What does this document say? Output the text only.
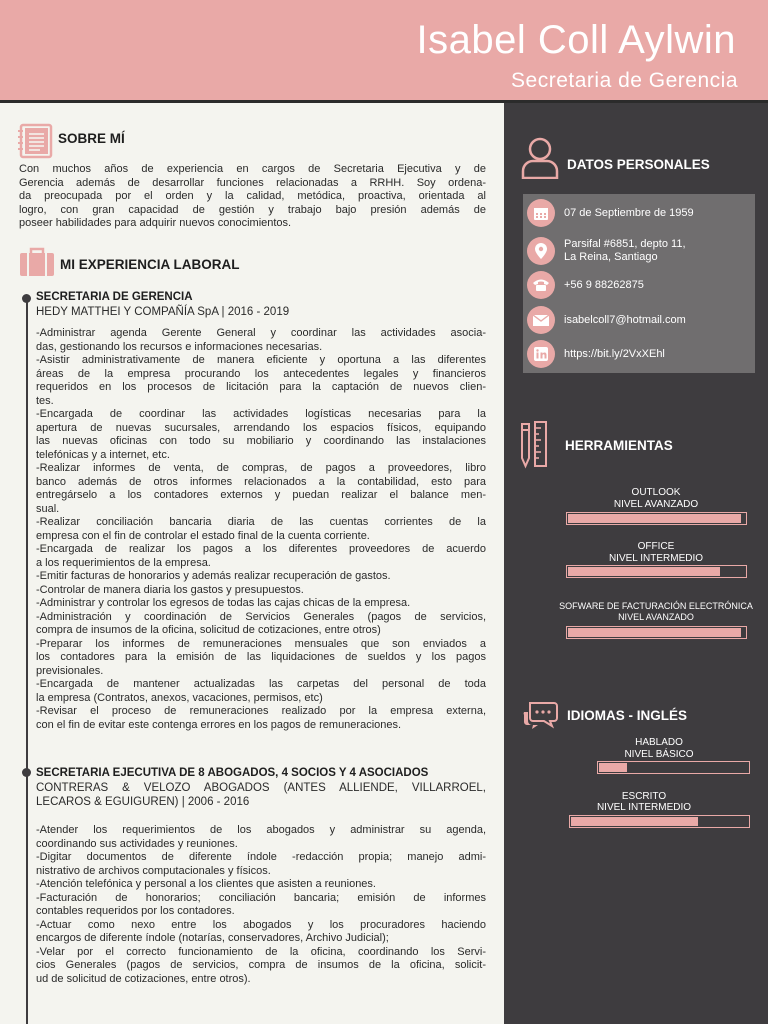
Isabel Coll Aylwin
Secretaria de Gerencia
SOBRE MÍ
Con muchos años de experiencia en cargos de Secretaria Ejecutiva y de
Gerencia además de desarrollar funciones relacionadas a RRHH. Soy ordena-
da preocupada por el orden y la calidad, metódica, proactiva, orientada al
logro, con gran capacidad de gestión y trabajo bajo presión además de
poseer habilidades para adquirir nuevos conocimientos.
MI EXPERIENCIA LABORAL
SECRETARIA DE GERENCIA
HEDY MATTHEI Y COMPAÑÍA SpA | 2016 - 2019
-Administrar agenda Gerente General y coordinar las actividades asocia-
das, gestionando los recursos e informaciones necesarias.
-Asistir administrativamente de manera eficiente y oportuna a las diferentes
áreas de la empresa procurando los antecedentes legales y financieros
requeridos en los procesos de licitación para la captación de nuevos clien-
tes.
-Encargada de coordinar las actividades logísticas necesarias para la
apertura de nuevas sucursales, arrendando los espacios físicos, equipando
las nuevas oficinas con todo su mobiliario y coordinando las instalaciones
telefónicas y a internet, etc.
-Realizar informes de venta, de compras, de pagos a proveedores, libro
banco además de otros informes relacionados a la contabilidad, esto para
entregárselo a los contadores externos y puedan realizar el balance men-
sual.
-Realizar conciliación bancaria diaria de las cuentas corrientes de la
empresa con el fin de controlar el estado final de la cuenta corriente.
-Encargada de realizar los pagos a los diferentes proveedores de acuerdo
a los requerimientos de la empresa.
-Emitir facturas de honorarios y además realizar recuperación de gastos.
-Controlar de manera diaria los gastos y presupuestos.
-Administrar y controlar los egresos de todas las cajas chicas de la empresa.
-Administración y coordinación de Servicios Generales (pagos de servicios,
compra de insumos de la oficina, solicitud de cotizaciones, entre otros)
-Preparar los informes de remuneraciones mensuales que son enviados a
los contadores para la emisión de las liquidaciones de sueldos y los pagos
previsionales.
-Encargada de mantener actualizadas las carpetas del personal de toda
la empresa (Contratos, anexos, vacaciones, permisos, etc)
-Revisar el proceso de remuneraciones realizado por la empresa externa,
con el fin de evitar este contenga errores en los pagos de remuneraciones.
SECRETARIA EJECUTIVA DE 8 ABOGADOS, 4 SOCIOS Y 4 ASOCIADOS
CONTRERAS & VELOZO ABOGADOS (ANTES ALLIENDE, VILLARROEL,
LECAROS & EGUIGUREN) | 2006 - 2016
-Atender los requerimientos de los abogados y administrar su agenda,
coordinando sus actividades y reuniones.
-Digitar documentos de diferente índole -redacción propia; manejo admi-
nistrativo de archivos computacionales y físicos.
-Atención telefónica y personal a los clientes que asisten a reuniones.
-Facturación de honorarios; conciliación bancaria; emisión de informes
contables requeridos por los contadores.
-Actuar como nexo entre los abogados y los procuradores haciendo
encargos de diferente índole (notarías, conservadores, Archivo Judicial);
-Velar por el correcto funcionamiento de la oficina, coordinando los Servi-
cios Generales (pagos de servicios, compra de insumos de la oficina, solicit-
ud de solicitud de cotizaciones, entre otros).
DATOS PERSONALES
07 de Septiembre de 1959
Parsifal #6851, depto 11,
La Reina, Santiago
+56 9 88262875
isabelcoll7@hotmail.com
https://bit.ly/2VxXEhl
HERRAMIENTAS
OUTLOOK
NIVEL AVANZADO
OFFICE
NIVEL INTERMEDIO
SOFWARE DE FACTURACIÓN ELECTRÓNICA
NIVEL AVANZADO
IDIOMAS - INGLÉS
HABLADO
NIVEL BÁSICO
ESCRITO
NIVEL INTERMEDIO
